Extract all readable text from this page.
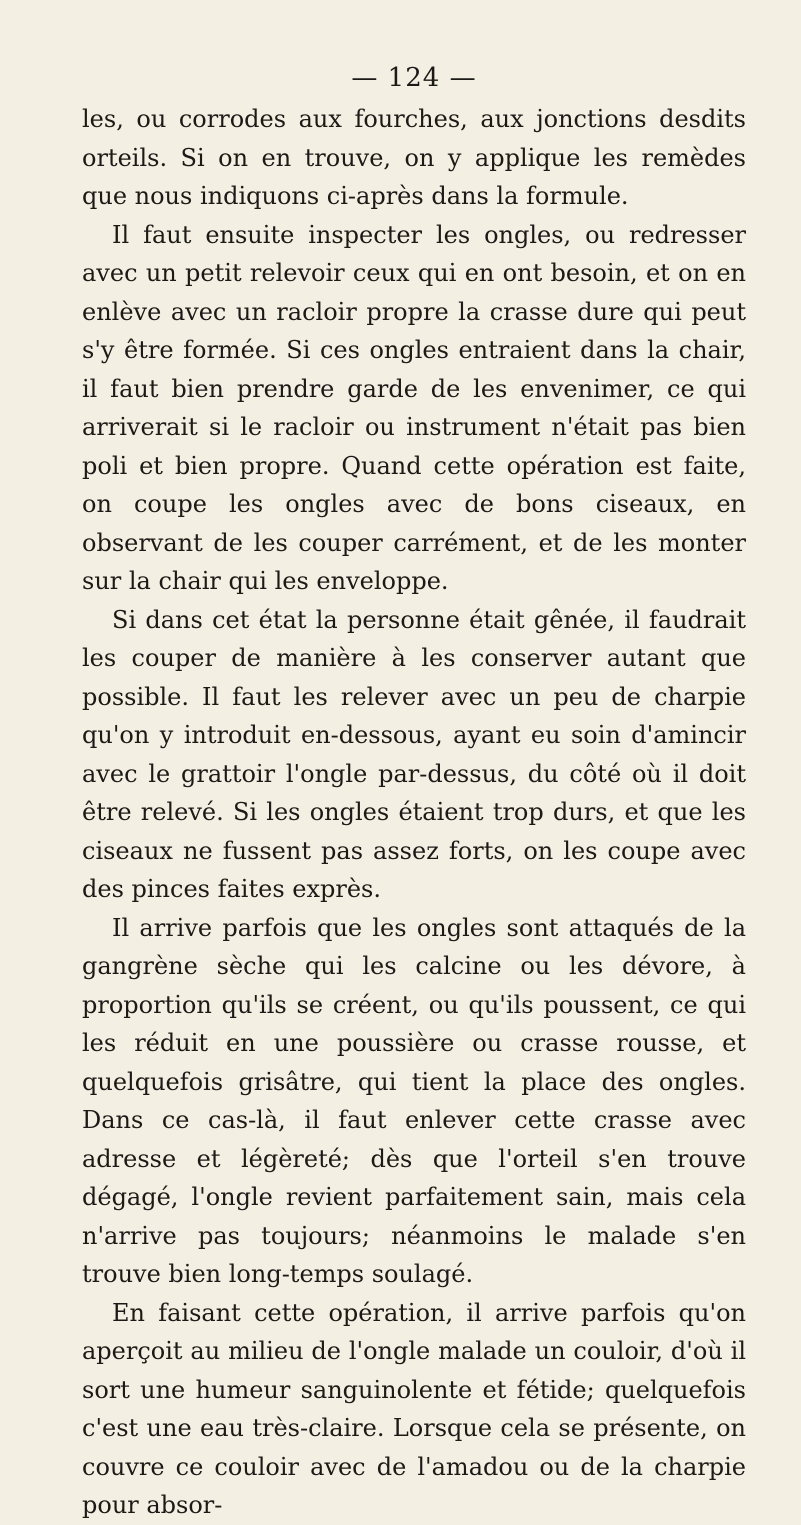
— 124 —

les, ou corrodes aux fourches, aux jonctions desdits orteils. Si on en trouve, on y applique les remèdes que nous indiquons ci-après dans la formule.

Il faut ensuite inspecter les ongles, ou redresser avec un petit relevoir ceux qui en ont besoin, et on en enlève avec un racloir propre la crasse dure qui peut s'y être formée. Si ces ongles entraient dans la chair, il faut bien prendre garde de les envenimer, ce qui arriverait si le racloir ou instrument n'était pas bien poli et bien propre. Quand cette opération est faite, on coupe les ongles avec de bons ciseaux, en observant de les couper carrément, et de les monter sur la chair qui les enveloppe.

Si dans cet état la personne était gênée, il faudrait les couper de manière à les conserver autant que possible. Il faut les relever avec un peu de charpie qu'on y introduit en-dessous, ayant eu soin d'amincir avec le grattoir l'ongle par-dessus, du côté où il doit être relevé. Si les ongles étaient trop durs, et que les ciseaux ne fussent pas assez forts, on les coupe avec des pinces faites exprès.

Il arrive parfois que les ongles sont attaqués de la gangrène sèche qui les calcine ou les dévore, à proportion qu'ils se créent, ou qu'ils poussent, ce qui les réduit en une poussière ou crasse rousse, et quelquefois grisâtre, qui tient la place des ongles. Dans ce cas-là, il faut enlever cette crasse avec adresse et légèreté; dès que l'orteil s'en trouve dégagé, l'ongle revient parfaitement sain, mais cela n'arrive pas toujours; néanmoins le malade s'en trouve bien long-temps soulagé.

En faisant cette opération, il arrive parfois qu'on aperçoit au milieu de l'ongle malade un couloir, d'où il sort une humeur sanguinolente et fétide; quelquefois c'est une eau très-claire. Lorsque cela se présente, on couvre ce couloir avec de l'amadou ou de la charpie pour absor-
